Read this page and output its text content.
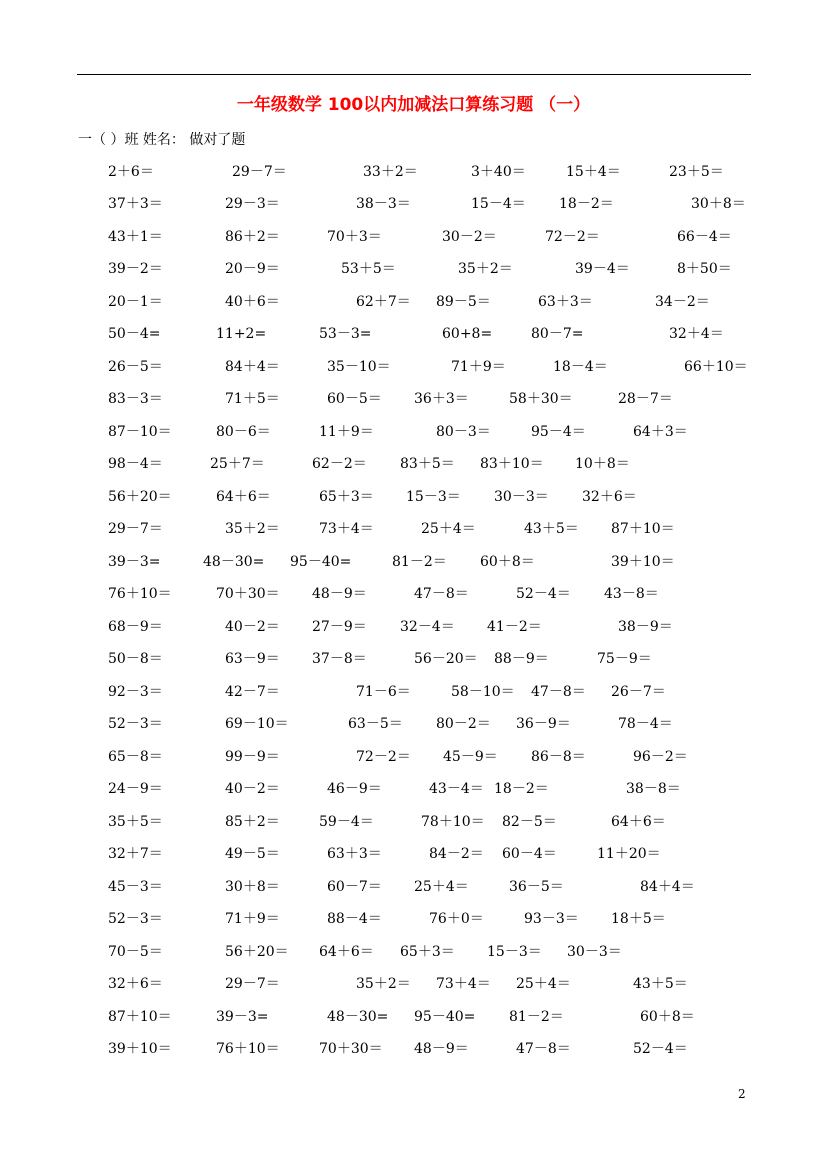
一年级数学 100以内加减法口算练习题 （一）
一（ ）班 姓名： 做对了题
2＋6＝	29－7＝	33＋2＝	3＋40＝	15＋4＝	23＋5＝
37＋3＝	29－3＝	38－3＝	15－4＝ 18－2＝	30＋8＝
43＋1＝	86＋2＝	70＋3＝	30－2＝	72－2＝	66－4＝
39－2＝	20－9＝	53＋5＝	35＋2＝	39－4＝	8＋50＝
20－1＝	40＋6＝	62＋7＝ 89－5＝	63＋3＝	34－2＝
50－4=	11+2=	53－3=	60+8=	80－7=	32＋4＝
26－5＝	84＋4＝	35－10＝	71＋9＝	18－4＝	66＋10＝
83－3＝	71＋5＝	60－5＝ 36＋3＝	58＋30＝	28－7＝
87－10＝	80－6＝	11＋9＝	80－3＝	95－4＝	64＋3＝
98－4＝	25＋7＝	62－2＝ 83＋5＝ 83＋10＝ 10＋8＝
56＋20＝	64＋6＝	65＋3＝ 15－3＝ 30－3＝ 32＋6＝
29－7＝	35＋2＝	73＋4＝	25＋4＝	43＋5＝ 87＋10＝
39－3=	48－30= 95－40=	81－2＝ 60＋8＝	39＋10＝
76＋10＝	70＋30＝ 48－9＝	47－8＝	52－4＝ 43－8＝
68－9＝	40－2＝ 27－9＝ 32－4＝ 41－2＝	38－9＝
50－8＝	63－9＝ 37－8＝	56－20＝ 88－9＝	75－9＝
92－3＝	42－7＝	71－6＝	58－10＝ 47－8＝ 26－7＝
52－3＝	69－10＝	63－5＝ 80－2＝ 36－9＝	78－4＝
65－8＝	99－9＝	72－2＝ 45－9＝ 86－8＝	96－2＝
24－9＝	40－2＝	46－9＝	43－4＝ 18－2＝	38－8＝
35＋5＝	85＋2＝	59－4＝	78＋10＝ 82－5＝	64＋6＝
32＋7＝	49－5＝	63＋3＝	84－2＝ 60－4＝	11＋20＝
45－3＝	30＋8＝	60－7＝ 25＋4＝	36－5＝	84＋4＝
52－3＝	71＋9＝	88－4＝	76＋0＝	93－3＝ 18＋5＝
70－5＝	56＋20＝ 64＋6＝ 65＋3＝ 15－3＝ 30－3＝
32＋6＝	29－7＝	35＋2＝ 73＋4＝ 25＋4＝	43＋5＝
87＋10＝	39－3=	48－30= 95－40= 81－2＝	60＋8＝
39＋10＝	76＋10＝	70＋30＝ 48－9＝	47－8＝	52－4＝
2
